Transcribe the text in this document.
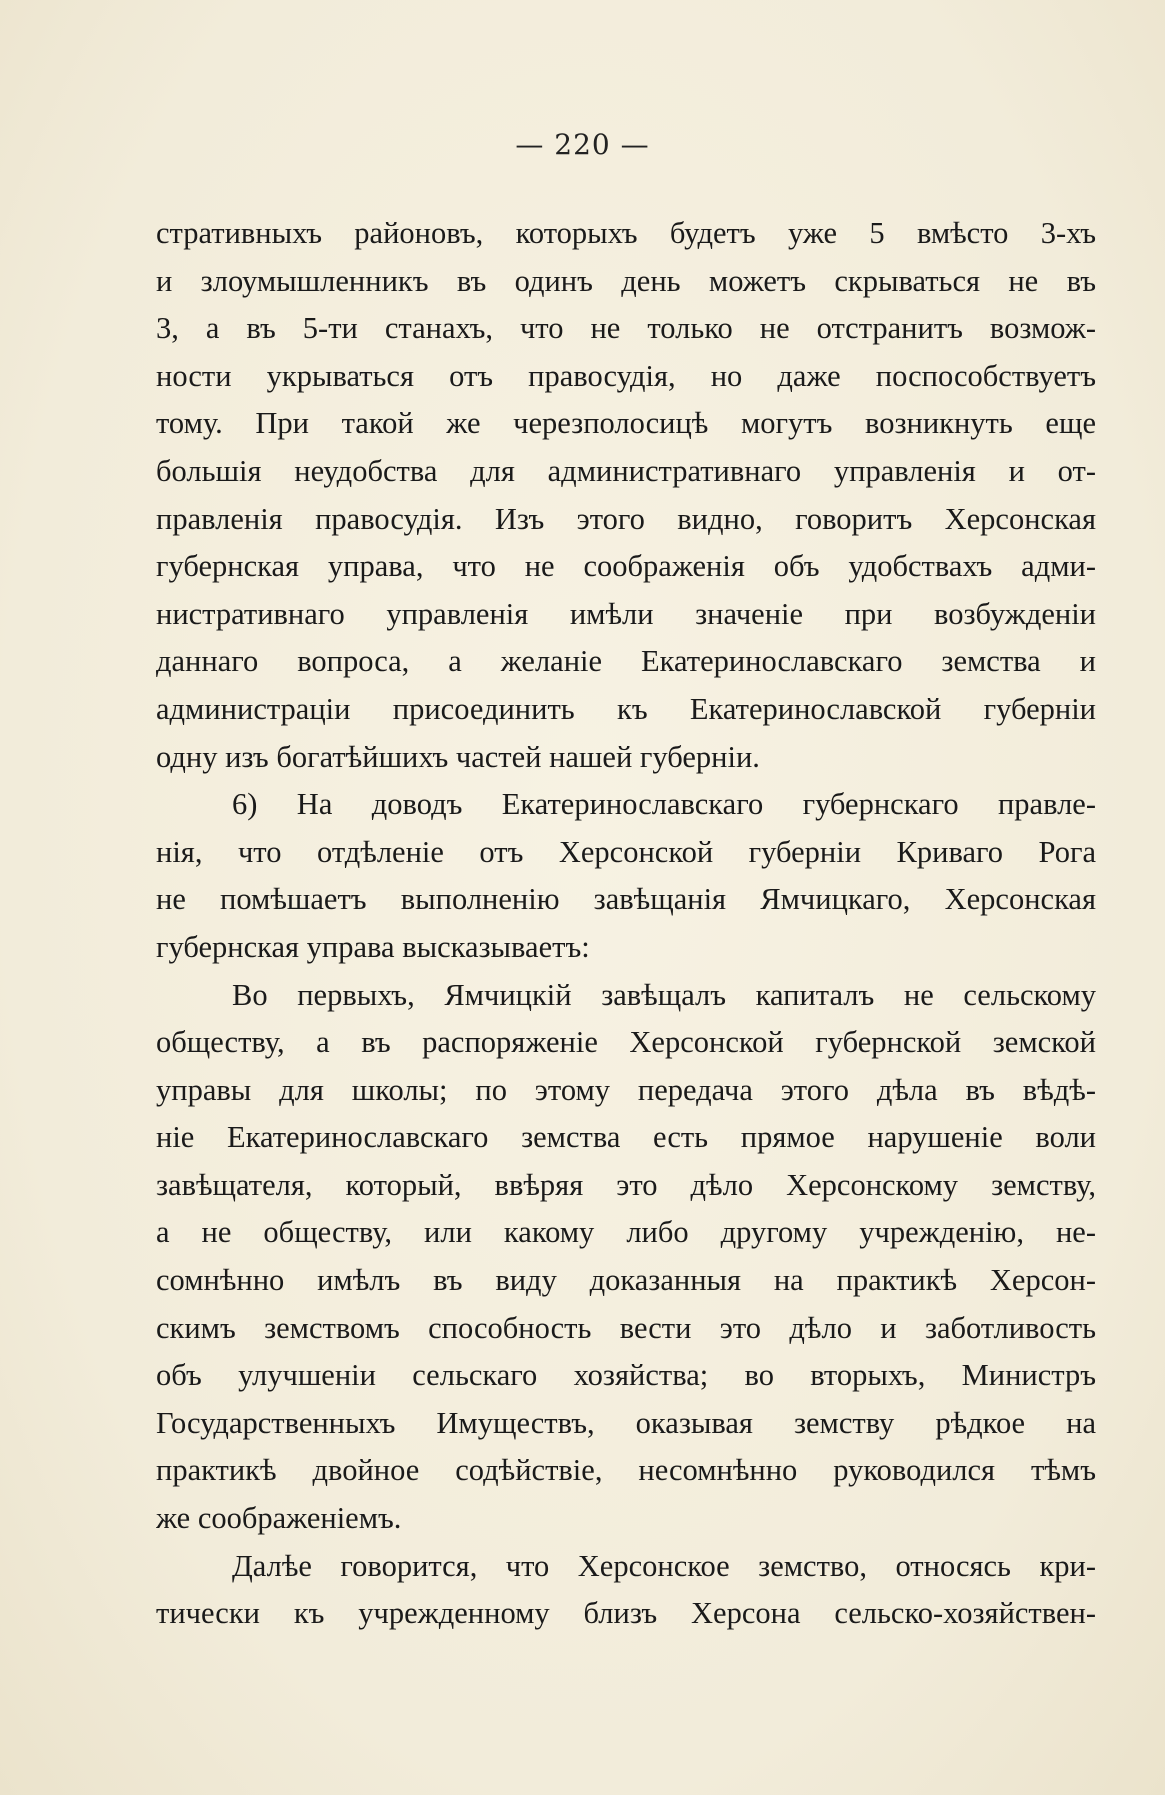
— 220 —
стративныхъ районовъ, которыхъ будетъ уже 5 вмѣсто 3-хъ
и злоумышленникъ въ одинъ день можетъ скрываться не въ
3, а въ 5-ти станахъ, что не только не отстранитъ возмож-
ности укрываться отъ правосудія, но даже поспособствуетъ
тому. При такой же черезполосицѣ могутъ возникнуть еще
большія неудобства для административнаго управленія и от-
правленія правосудія. Изъ этого видно, говоритъ Херсонская
губернская управа, что не соображенія объ удобствахъ адми-
нистративнаго управленія имѣли значеніе при возбужденіи
даннаго вопроса, а желаніе Екатеринославскаго земства и
администраціи присоединить къ Екатеринославской губерніи
одну изъ богатѣйшихъ частей нашей губерніи.
6) На доводъ Екатеринославскаго губернскаго правле-
нія, что отдѣленіе отъ Херсонской губерніи Криваго Рога
не помѣшаетъ выполненію завѣщанія Ямчицкаго, Херсонская
губернская управа высказываетъ:
Во первыхъ, Ямчицкій завѣщалъ капиталъ не сельскому
обществу, а въ распоряженіе Херсонской губернской земской
управы для школы; по этому передача этого дѣла въ вѣдѣ-
ніе Екатеринославскаго земства есть прямое нарушеніе воли
завѣщателя, который, ввѣряя это дѣло Херсонскому земству,
а не обществу, или какому либо другому учрежденію, не-
сомнѣнно имѣлъ въ виду доказанныя на практикѣ Херсон-
скимъ земствомъ способность вести это дѣло и заботливость
объ улучшеніи сельскаго хозяйства; во вторыхъ, Министръ
Государственныхъ Имуществъ, оказывая земству рѣдкое на
практикѣ двойное содѣйствіе, несомнѣнно руководился тѣмъ
же соображеніемъ.
Далѣе говорится, что Херсонское земство, относясь кри-
тически къ учрежденному близъ Херсона сельско-хозяйствен-
